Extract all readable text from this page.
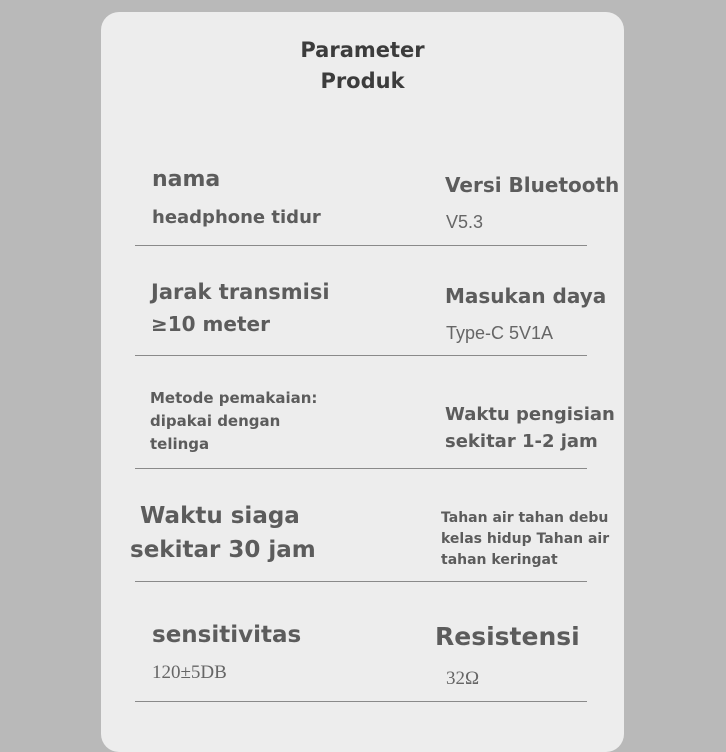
Parameter
Produk
nama
headphone tidur
Versi Bluetooth
V5.3
Jarak transmisi
≥10 meter
Masukan daya
Type-C 5V1A
Metode pemakaian:
dipakai dengan
telinga
Waktu pengisian
sekitar 1-2 jam
Waktu siaga
sekitar 30 jam
Tahan air tahan debu
kelas hidup Tahan air
tahan keringat
sensitivitas
120±5DB
Resistensi
32Ω
